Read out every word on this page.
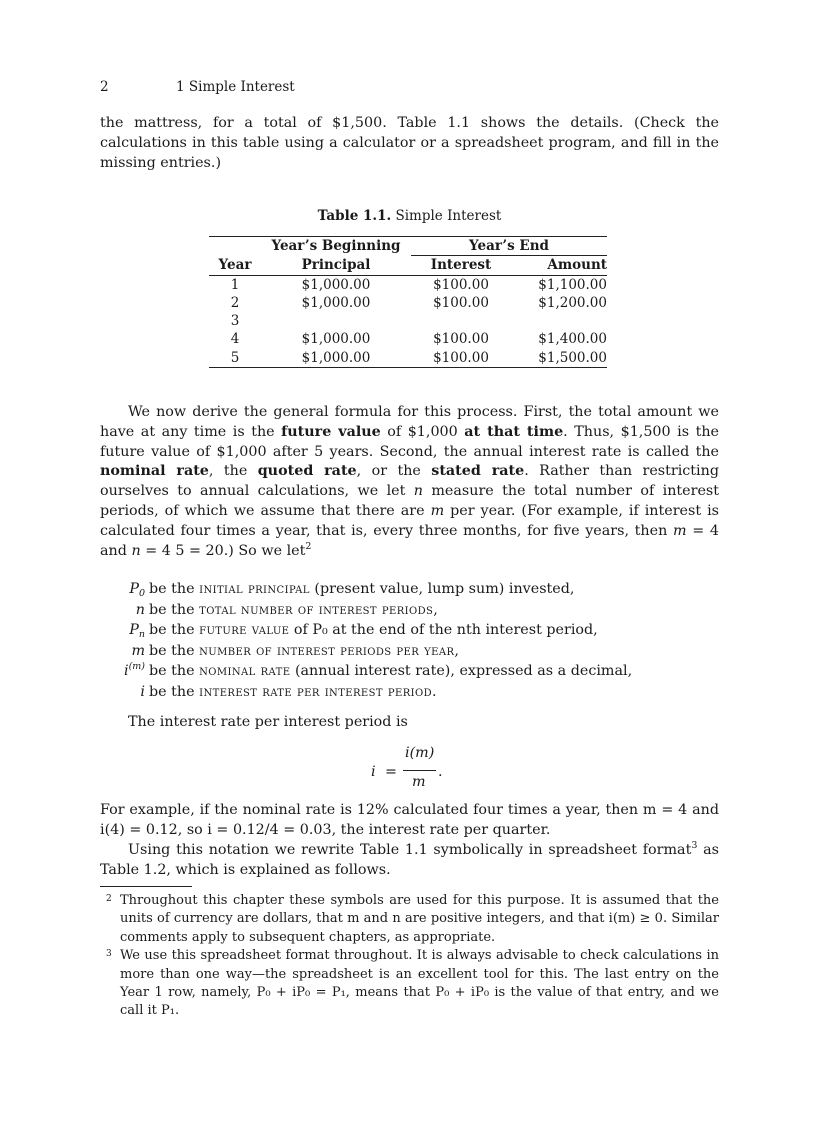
2	1 Simple Interest

the mattress, for a total of $1,500. Table 1.1 shows the details. (Check the calculations in this table using a calculator or a spreadsheet program, and fill in the missing entries.)

Table 1.1. Simple Interest
	Year’s Beginning	Year’s End	
Year	Principal	Interest	Amount
1	$1,000.00	$100.00	$1,100.00
2	$1,000.00	$100.00	$1,200.00
3			
4	$1,000.00	$100.00	$1,400.00
5	$1,000.00	$100.00	$1,500.00

We now derive the general formula for this process. First, the total amount we have at any time is the future value of $1,000 at that time. Thus, $1,500 is the future value of $1,000 after 5 years. Second, the annual interest rate is called the nominal rate, the quoted rate, or the stated rate. Rather than restricting ourselves to annual calculations, we let n measure the total number of interest periods, of which we assume that there are m per year. (For example, if interest is calculated four times a year, that is, every three months, for five years, then m = 4 and n = 4 5 = 20.) So we let$^2$

$P_0$ be the initial principal (present value, lump sum) invested,
n be the total number of interest periods,
$P_n$ be the future value of P₀ at the end of the nth interest period,
m be the number of interest periods per year,
$i^{(m)}$ be the nominal rate (annual interest rate), expressed as a decimal,
i be the interest rate per interest period.

The interest rate per interest period is

i =
i(m)
m
.

For example, if the nominal rate is 12% calculated four times a year, then m = 4 and i(4) = 0.12, so i = 0.12/4 = 0.03, the interest rate per quarter.

Using this notation we rewrite Table 1.1 symbolically in spreadsheet format$^3$ as Table 1.2, which is explained as follows.

2 Throughout this chapter these symbols are used for this purpose. It is assumed that the units of currency are dollars, that m and n are positive integers, and that i(m) ≥ 0. Similar comments apply to subsequent chapters, as appropriate.
3 We use this spreadsheet format throughout. It is always advisable to check calculations in more than one way—the spreadsheet is an excellent tool for this. The last entry on the Year 1 row, namely, P₀ + iP₀ = P₁, means that P₀ + iP₀ is the value of that entry, and we call it P₁.
